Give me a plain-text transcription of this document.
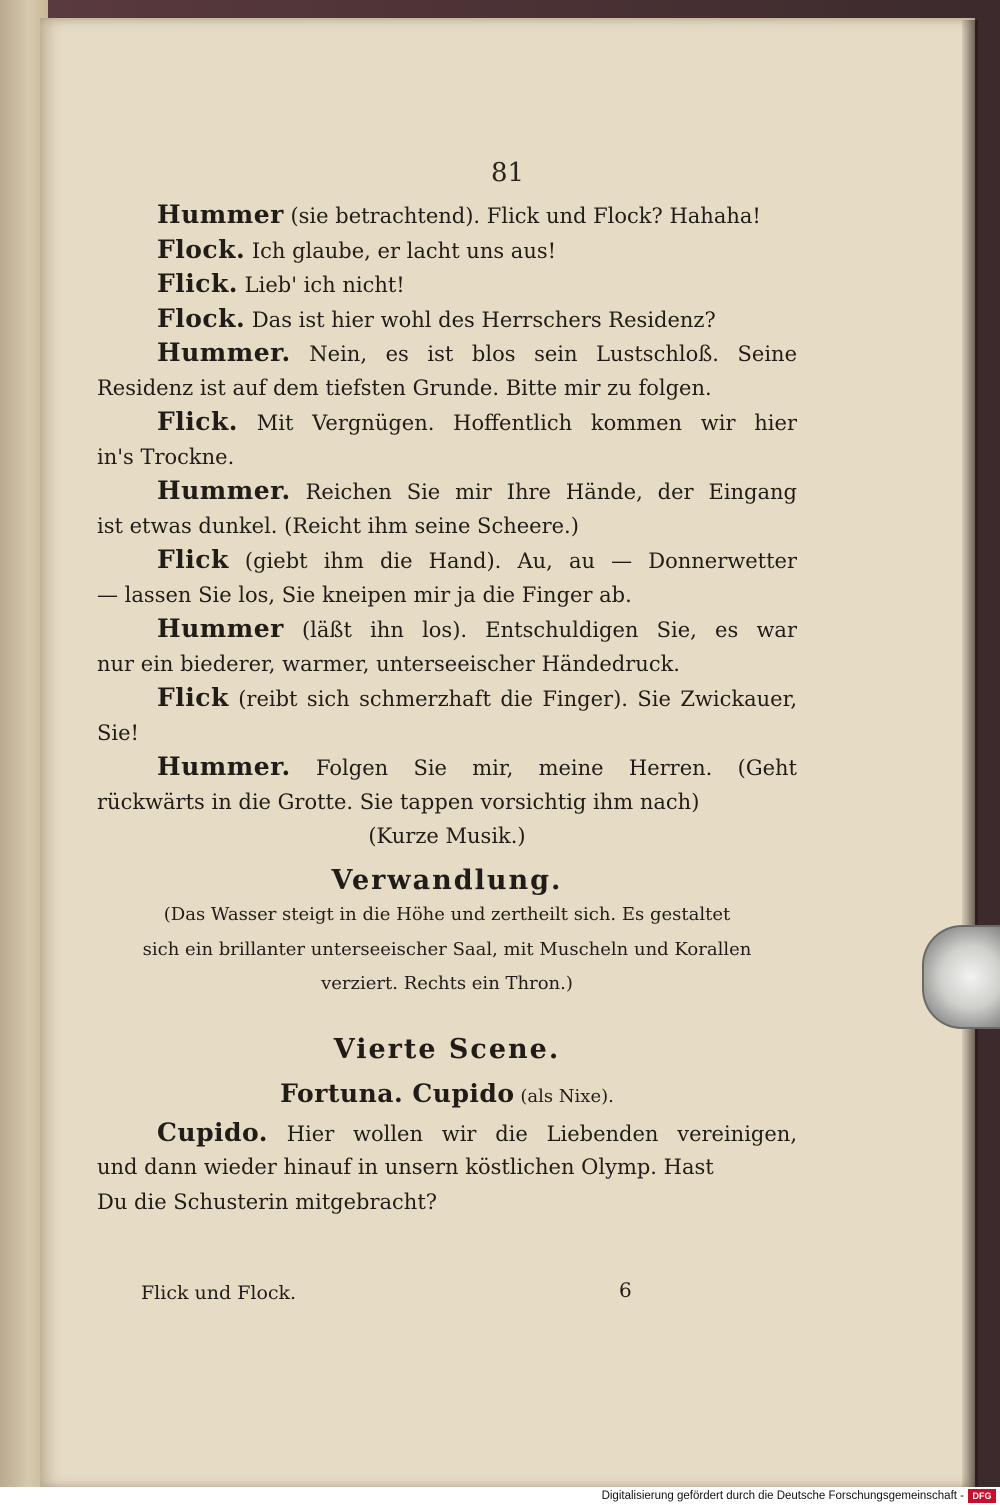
81
Hummer (sie betrachtend). Flick und Flock? Hahaha!
Flock. Ich glaube, er lacht uns aus!
Flick. Lieb' ich nicht!
Flock. Das ist hier wohl des Herrschers Residenz?
Hummer. Nein, es ist blos sein Lustschloß. Seine
Residenz ist auf dem tiefsten Grunde. Bitte mir zu folgen.
Flick. Mit Vergnügen. Hoffentlich kommen wir hier
in's Trockne.
Hummer. Reichen Sie mir Ihre Hände, der Eingang
ist etwas dunkel. (Reicht ihm seine Scheere.)
Flick (giebt ihm die Hand). Au, au — Donnerwetter
— lassen Sie los, Sie kneipen mir ja die Finger ab.
Hummer (läßt ihn los). Entschuldigen Sie, es war
nur ein biederer, warmer, unterseeischer Händedruck.
Flick (reibt sich schmerzhaft die Finger). Sie Zwickauer,
Sie!
Hummer. Folgen Sie mir, meine Herren. (Geht
rückwärts in die Grotte. Sie tappen vorsichtig ihm nach)
(Kurze Musik.)
Verwandlung.
(Das Wasser steigt in die Höhe und zertheilt sich. Es gestaltet
sich ein brillanter unterseeischer Saal, mit Muscheln und Korallen
verziert. Rechts ein Thron.)
Vierte Scene.
Fortuna. Cupido (als Nixe).
Cupido. Hier wollen wir die Liebenden vereinigen,
und dann wieder hinauf in unsern köstlichen Olymp. Hast
Du die Schusterin mitgebracht?
Flick und Flock.	6
Digitalisierung gefördert durch die Deutsche Forschungsgemeinschaft - DFG
